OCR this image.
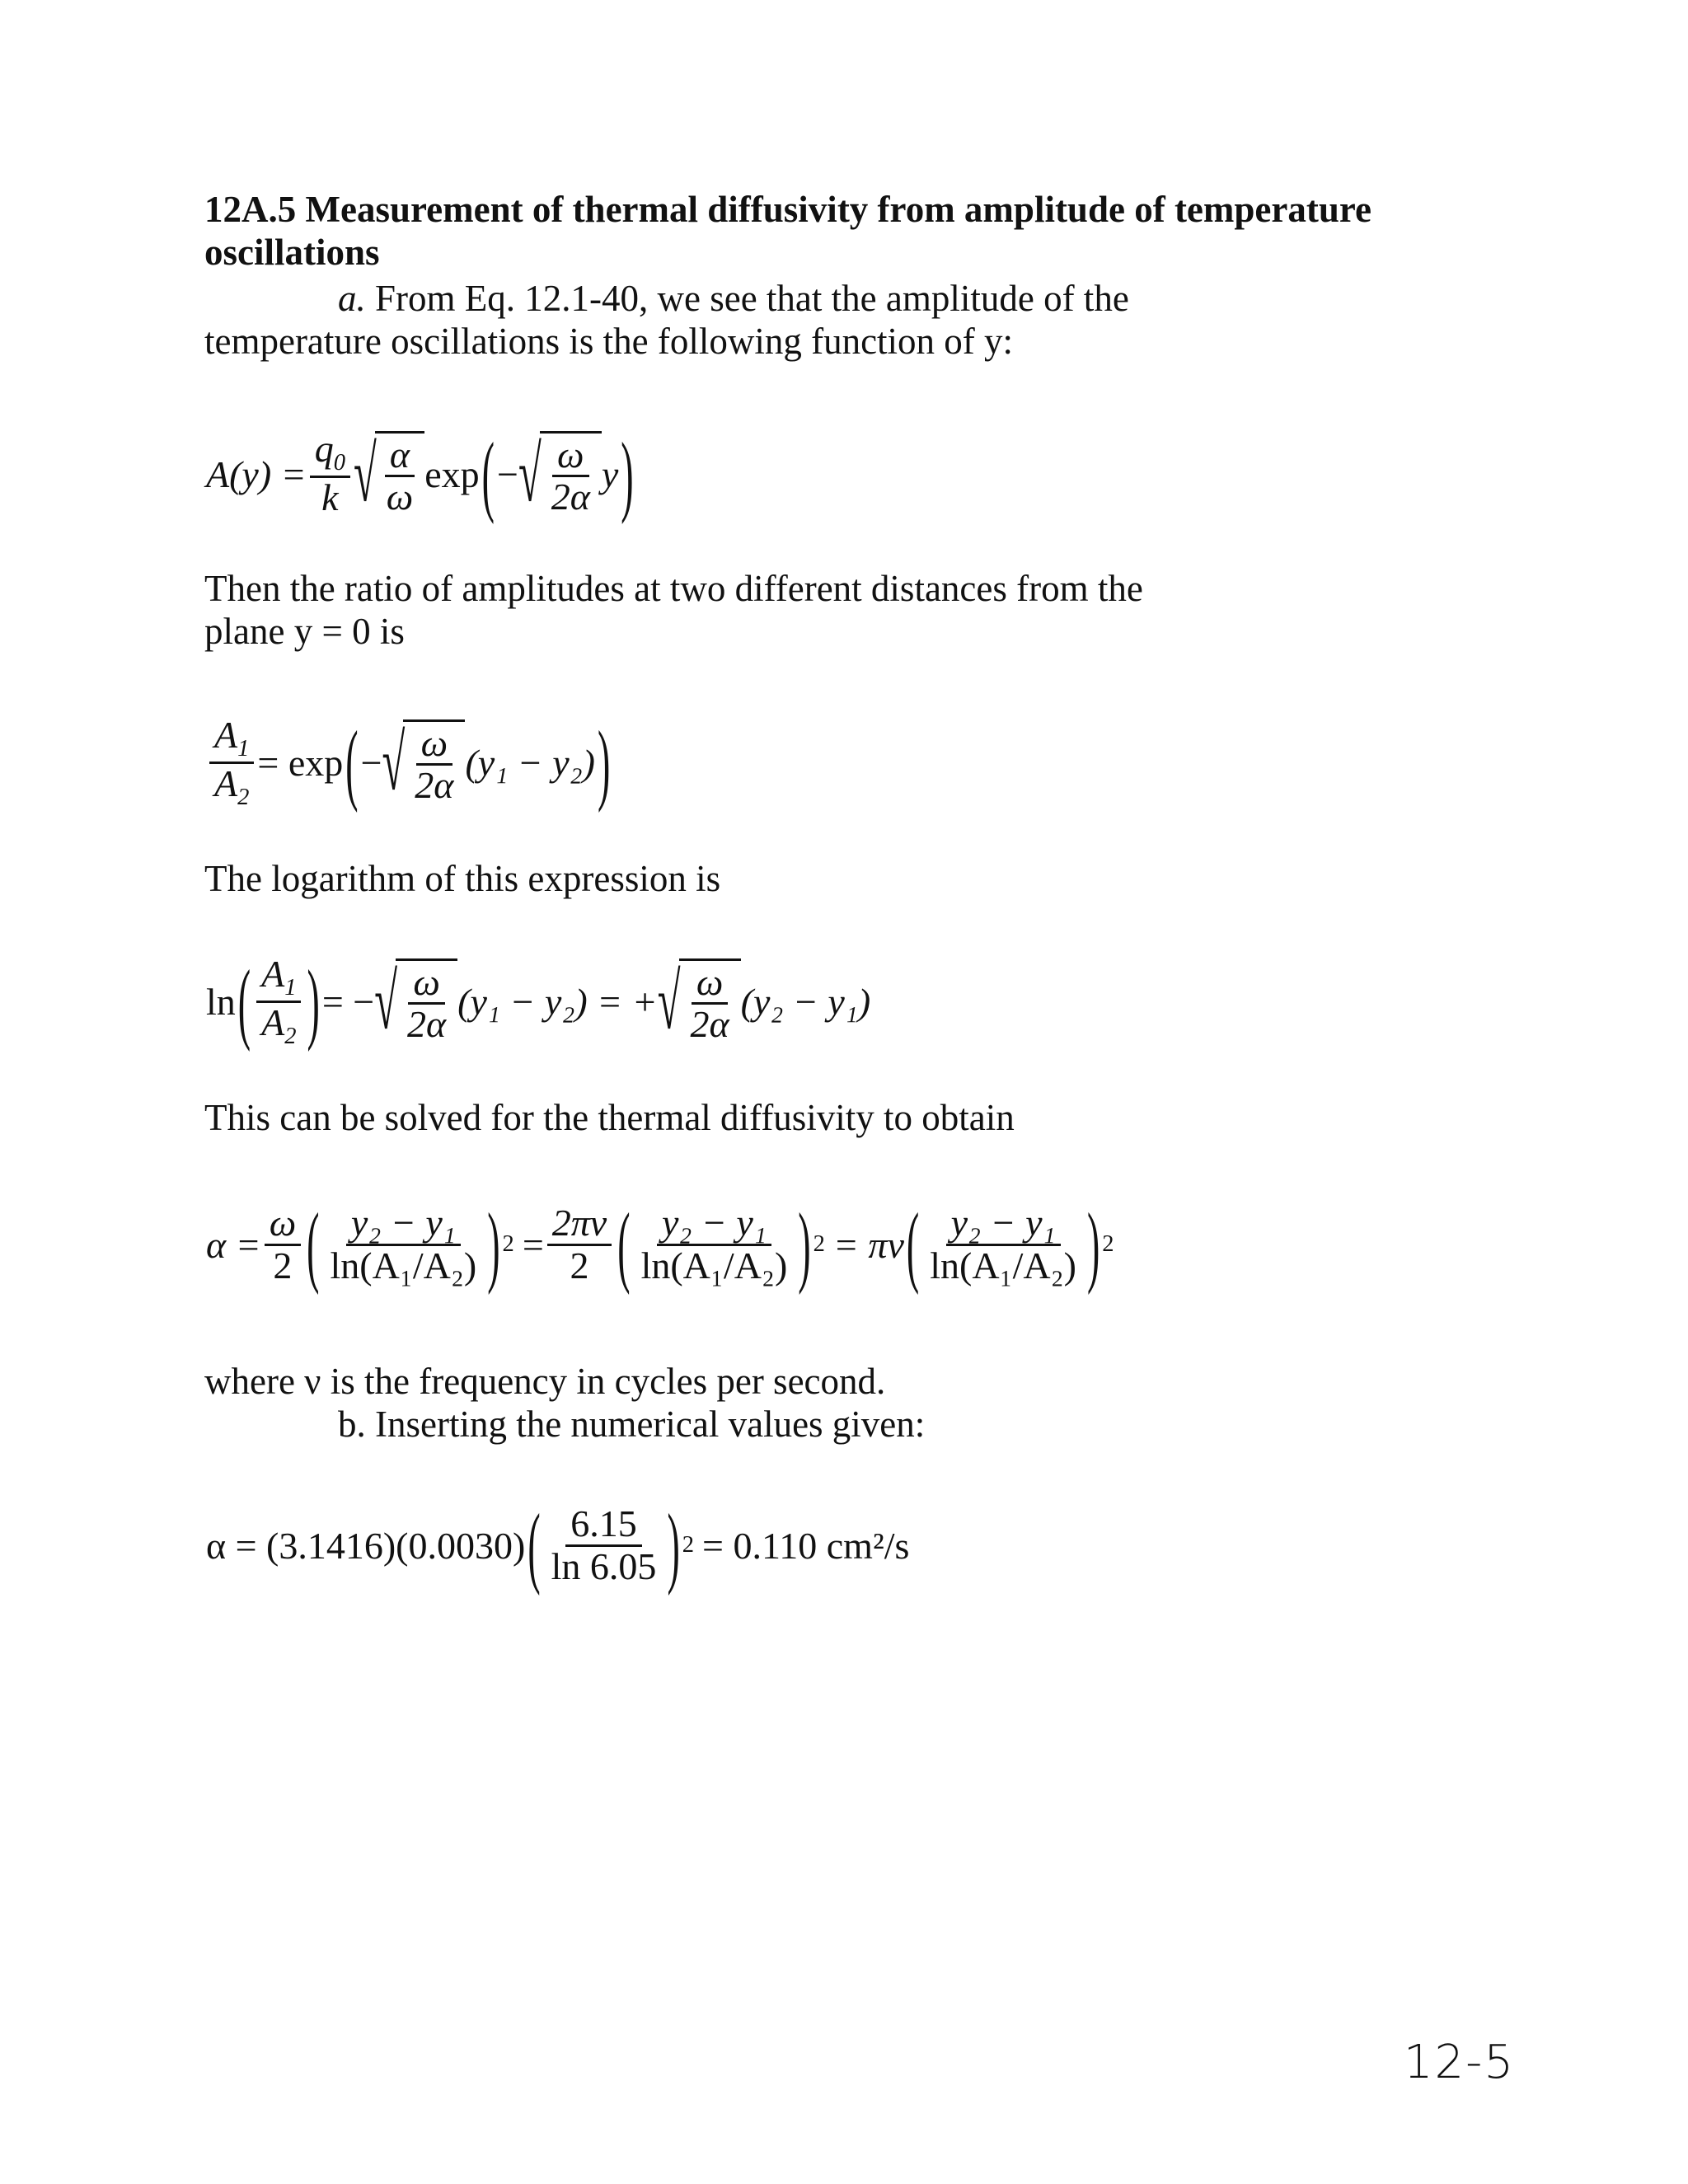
12A.5 Measurement of thermal diffusivity from amplitude of temperature oscillations
a. From Eq. 12.1-40, we see that the amplitude of the
temperature oscillations is the following function of y:
$A(y) = \frac{q_0}{k}$ √ $\frac{\alpha}{\omega}$ exp ( − √ $\frac{\omega}{2\alpha}$ y )
Then the ratio of amplitudes at two different distances from the
plane y = 0 is
$\frac{A_1}{A_2} = \exp$ ( − √ $\frac{\omega}{2\alpha} (y_1 - y_2)$ )
The logarithm of this expression is
ln ( $\frac{A_1}{A_2}$ ) = − √ $\frac{\omega}{2\alpha} (y_1 - y_2)$ = + √ $\frac{\omega}{2\alpha} (y_2 - y_1)$
This can be solved for the thermal diffusivity to obtain
$\alpha = \frac{\omega}{2}$ ( $\frac{\text{y₂ − y₁}}{\text{ln(A₁/A₂)}}$ ) $2 = \frac{2\pi\nu}{2}$ ( $\frac{\text{y₂ − y₁}}{\text{ln(A₁/A₂)}}$ ) 2 = πν ( $\frac{\text{y₂ − y₁}}{\text{ln(A₁/A₂)}}$ ) 2
where ν is the frequency in cycles per second.
b. Inserting the numerical values given:
α = (3.1416)(0.0030) ( $\frac{6.15}{\ln 6.05}$ ) 2 = 0.110 cm²/s
12-5
